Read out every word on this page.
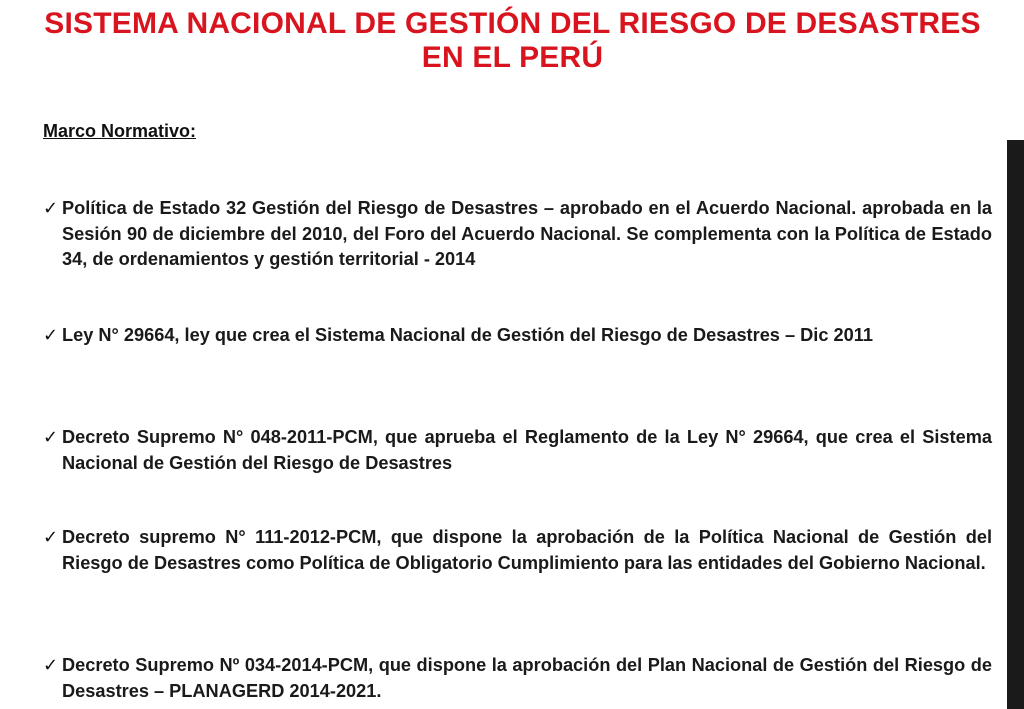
SISTEMA NACIONAL DE GESTIÓN DEL RIESGO DE DESASTRES EN EL PERÚ

Marco Normativo:

✓ Política de Estado 32 Gestión del Riesgo de Desastres – aprobado en el Acuerdo Nacional. aprobada en la Sesión 90 de diciembre del 2010, del Foro del Acuerdo Nacional. Se complementa con la Política de Estado 34, de ordenamientos y gestión territorial - 2014
✓ Ley N° 29664, ley que crea el Sistema Nacional de Gestión del Riesgo de Desastres – Dic 2011
✓ Decreto Supremo N° 048-2011-PCM, que aprueba el Reglamento de la Ley N° 29664, que crea el Sistema Nacional de Gestión del Riesgo de Desastres
✓ Decreto supremo N° 111-2012-PCM, que dispone la aprobación de la Política Nacional de Gestión del Riesgo de Desastres como Política de Obligatorio Cumplimiento para las entidades del Gobierno Nacional.
✓ Decreto Supremo Nº 034-2014-PCM, que dispone la aprobación del Plan Nacional de Gestión del Riesgo de Desastres – PLANAGERD 2014-2021.
